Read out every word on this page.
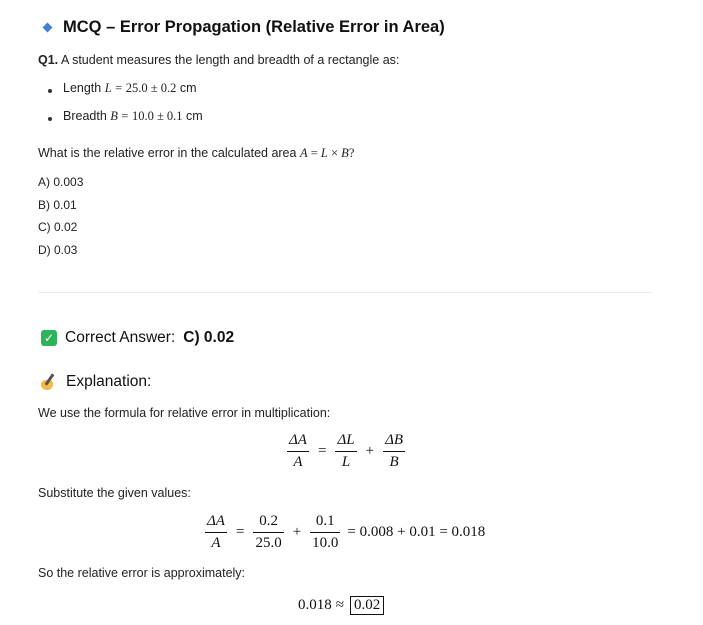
MCQ – Error Propagation (Relative Error in Area)
Q1. A student measures the length and breadth of a rectangle as:
Length L = 25.0 ± 0.2 cm
Breadth B = 10.0 ± 0.1 cm
What is the relative error in the calculated area A = L × B?
A) 0.003
B) 0.01
C) 0.02
D) 0.03
✓ Correct Answer: C) 0.02
Explanation:
We use the formula for relative error in multiplication:
$\frac{\Delta A}{A} = \frac{\Delta L}{L} + \frac{\Delta B}{B}$
Substitute the given values:
$\frac{\Delta A}{A} = \frac{0.2}{25.0} + \frac{0.1}{10.0} = 0.008 + 0.01 = 0.018$
So the relative error is approximately:
0.018 ≈ 0.02
